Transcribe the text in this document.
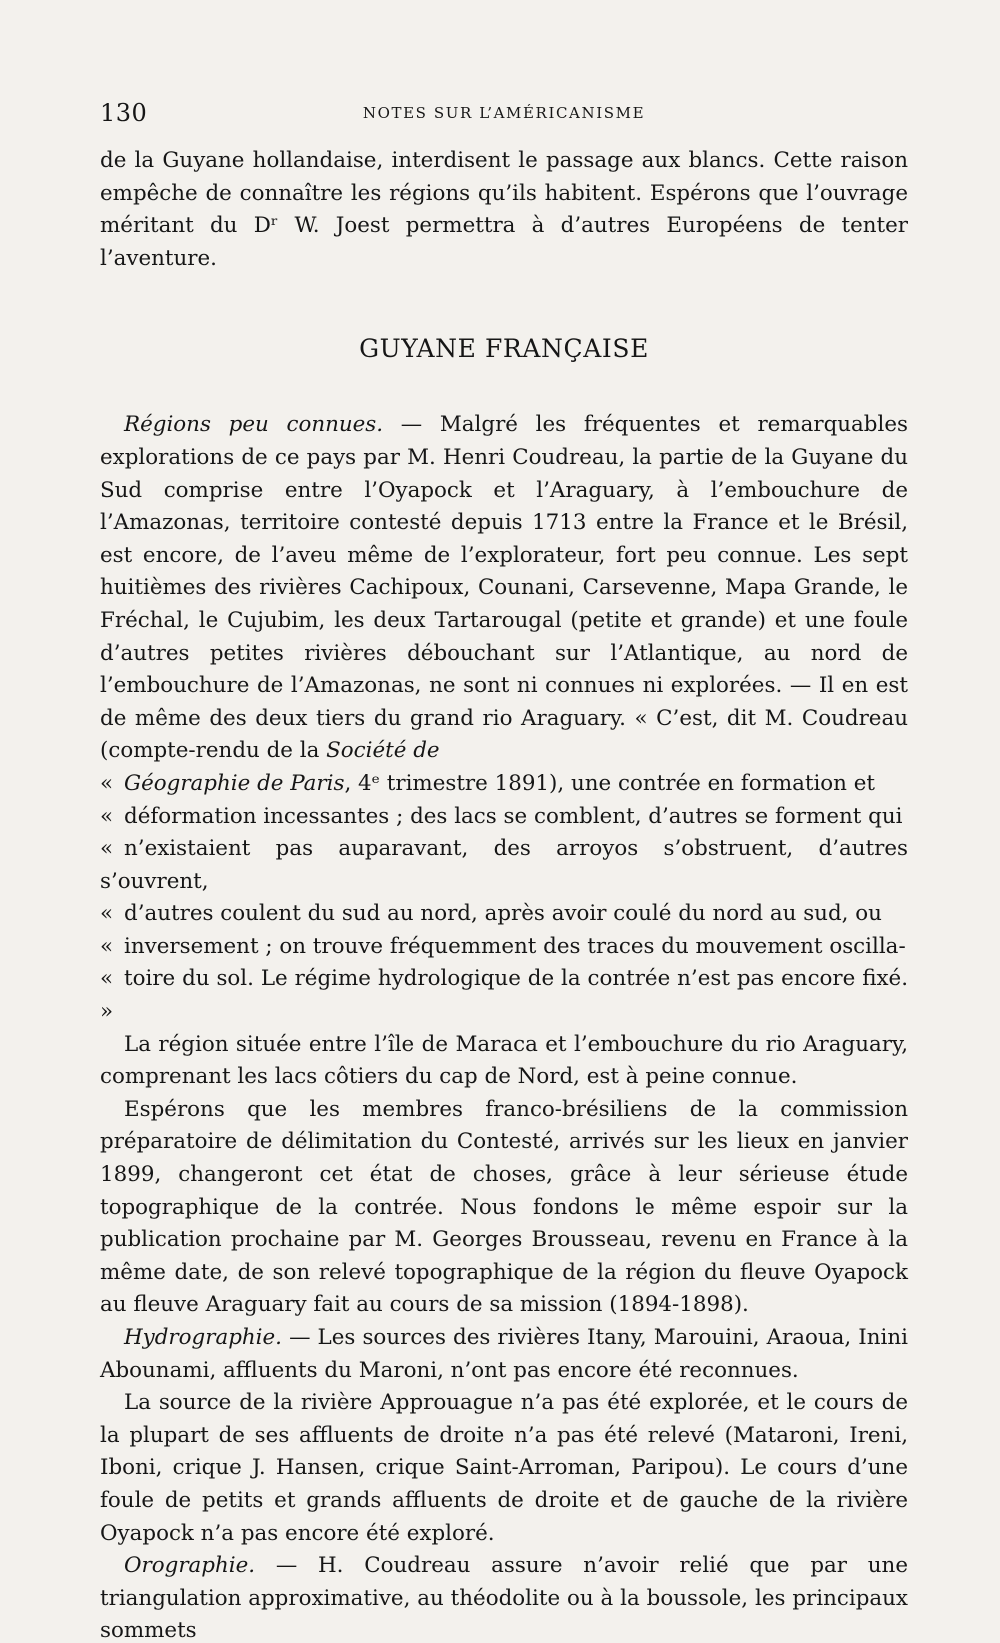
130	NOTES SUR L’AMÉRICANISME

de la Guyane hollandaise, interdisent le passage aux blancs. Cette raison empêche de connaître les régions qu’ils habitent. Espérons que l’ouvrage méritant du Dʳ W. Joest permettra à d’autres Européens de tenter l’aventure.

GUYANE FRANÇAISE

Régions peu connues. — Malgré les fréquentes et remarquables explorations de ce pays par M. Henri Coudreau, la partie de la Guyane du Sud comprise entre l’Oyapock et l’Araguary, à l’embouchure de l’Amazonas, territoire contesté depuis 1713 entre la France et le Brésil, est encore, de l’aveu même de l’explorateur, fort peu connue. Les sept huitièmes des rivières Cachipoux, Counani, Carsevenne, Mapa Grande, le Fréchal, le Cujubim, les deux Tartarougal (petite et grande) et une foule d’autres petites rivières débouchant sur l’Atlantique, au nord de l’embouchure de l’Amazonas, ne sont ni connues ni explorées. — Il en est de même des deux tiers du grand rio Araguary. « C’est, dit M. Coudreau (compte-rendu de la Société de

« Géographie de Paris, 4ᵉ trimestre 1891), une contrée en formation et

« déformation incessantes ; des lacs se comblent, d’autres se forment qui

« n’existaient pas auparavant, des arroyos s’obstruent, d’autres s’ouvrent,

« d’autres coulent du sud au nord, après avoir coulé du nord au sud, ou

« inversement ; on trouve fréquemment des traces du mouvement oscilla-

« toire du sol. Le régime hydrologique de la contrée n’est pas encore fixé. »

La région située entre l’île de Maraca et l’embouchure du rio Araguary, comprenant les lacs côtiers du cap de Nord, est à peine connue.

Espérons que les membres franco-brésiliens de la commission préparatoire de délimitation du Contesté, arrivés sur les lieux en janvier 1899, changeront cet état de choses, grâce à leur sérieuse étude topographique de la contrée. Nous fondons le même espoir sur la publication prochaine par M. Georges Brousseau, revenu en France à la même date, de son relevé topographique de la région du fleuve Oyapock au fleuve Araguary fait au cours de sa mission (1894-1898).

Hydrographie. — Les sources des rivières Itany, Marouini, Araoua, Inini Abounami, affluents du Maroni, n’ont pas encore été reconnues.

La source de la rivière Approuague n’a pas été explorée, et le cours de la plupart de ses affluents de droite n’a pas été relevé (Mataroni, Ireni, Iboni, crique J. Hansen, crique Saint-Arroman, Paripou). Le cours d’une foule de petits et grands affluents de droite et de gauche de la rivière Oyapock n’a pas encore été exploré.

Orographie. — H. Coudreau assure n’avoir relié que par une triangulation approximative, au théodolite ou à la boussole, les principaux sommets
